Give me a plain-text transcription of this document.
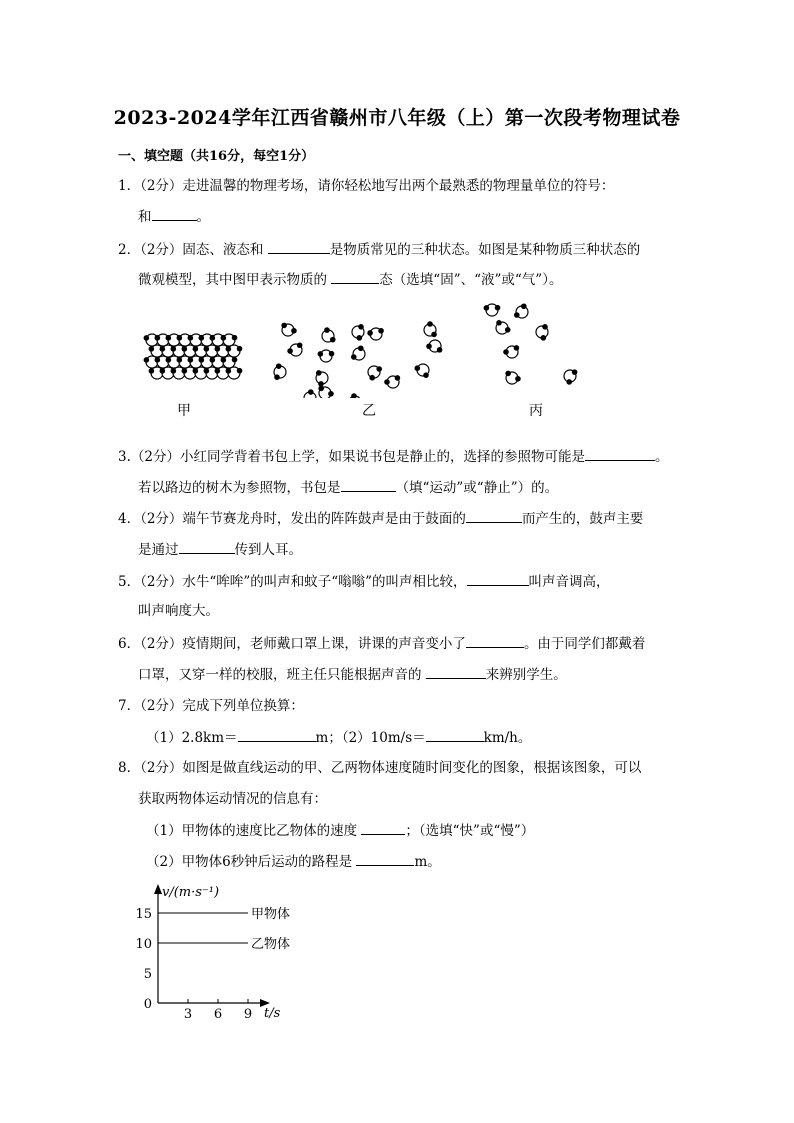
2023-2024学年江西省赣州市八年级（上）第一次段考物理试卷
一、填空题（共16分，每空1分）
1．（2分）走进温馨的物理考场，请你轻松地写出两个最熟悉的物理量单位的符号：
和	。
2．（2分）固态、液态和	是物质常见的三种状态。如图是某种物质三种状态的
微观模型，其中图甲表示物质的	态（选填“固”、“液”或“气”）。
甲	乙	丙
3.（2分）小红同学背着书包上学，如果说书包是静止的，选择的参照物可能是	。
若以路边的树木为参照物，书包是	（填“运动”或“静止”）的。
4．（2分）端午节赛龙舟时，发出的阵阵鼓声是由于鼓面的	而产生的，鼓声主要
是通过	传到人耳。
5．（2分）水牛“哞哞”的叫声和蚊子“嗡嗡”的叫声相比较，	叫声音调高，
叫声响度大。
6．（2分）疫情期间，老师戴口罩上课，讲课的声音变小了	。由于同学们都戴着
口罩，又穿一样的校服，班主任只能根据声音的	来辨别学生。
7．（2分）完成下列单位换算：
（1）2.8km＝	m；（2）10m/s＝	km/h。
8．（2分）如图是做直线运动的甲、乙两物体速度随时间变化的图象，根据该图象，可以
获取两物体运动情况的信息有：
（1）甲物体的速度比乙物体的速度	；（选填“快”或“慢”）
（2）甲物体6秒钟后运动的路程是	m。
v/(m·s⁻¹)
t/s
0
5
10
15
3 6 9
甲物体
乙物体
